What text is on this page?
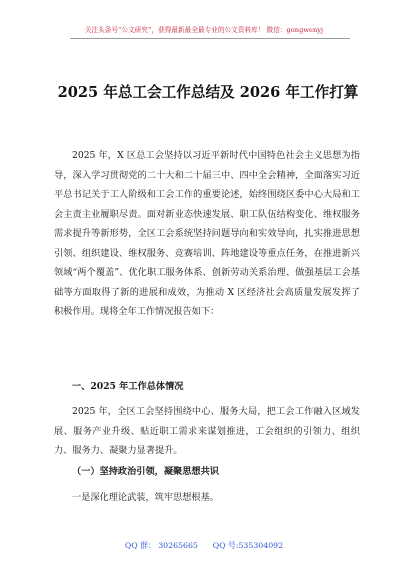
关注头条号“公文研究”，获得最新最全最专业的公文资料库！ 微信：gongwenyj
2025 年总工会工作总结及 2026 年工作打算
2025 年，X 区总工会坚持以习近平新时代中国特色社会主义思想为指导，深入学习贯彻党的二十大和二十届三中、四中全会精神，全面落实习近平总书记关于工人阶级和工会工作的重要论述，始终围绕区委中心大局和工会主责主业履职尽责。面对新业态快速发展、职工队伍结构变化、维权服务需求提升等新形势，全区工会系统坚持问题导向和实效导向，扎实推进思想引领、组织建设、维权服务、竞赛培训、阵地建设等重点任务，在推进新兴领域“两个覆盖”、优化职工服务体系、创新劳动关系治理、做强基层工会基础等方面取得了新的进展和成效，为推动 X 区经济社会高质量发展发挥了积极作用。现将全年工作情况报告如下：
一、2025 年工作总体情况
2025 年，全区工会坚持围绕中心、服务大局，把工会工作融入区域发展、服务产业升级、贴近职工需求来谋划推进，工会组织的引领力、组织力、服务力、凝聚力显著提升。
（一）坚持政治引领，凝聚思想共识
一是深化理论武装，筑牢思想根基。
QQ 群： 30265665      QQ 号:535304092
